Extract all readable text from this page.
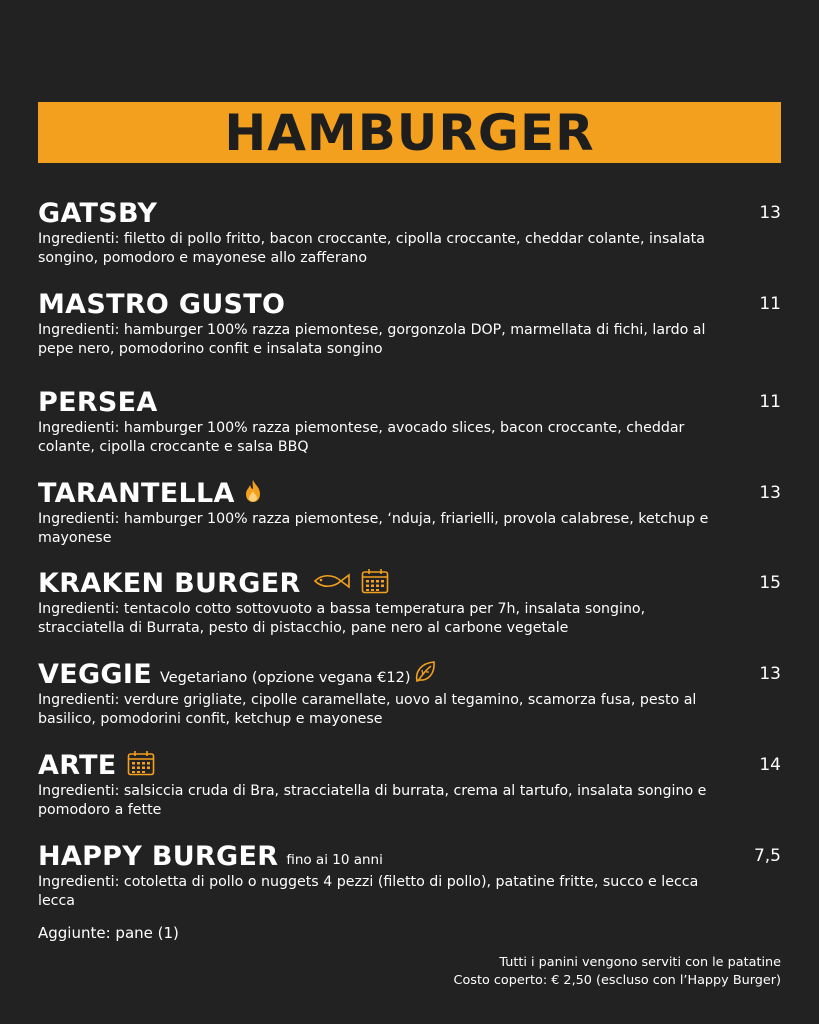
HAMBURGER
GATSBY	13
Ingredienti: filetto di pollo fritto, bacon croccante, cipolla croccante, cheddar colante, insalata songino, pomodoro e mayonese allo zafferano
MASTRO GUSTO	11
Ingredienti: hamburger 100% razza piemontese, gorgonzola DOP, marmellata di fichi, lardo al pepe nero, pomodorino confit e insalata songino
PERSEA	11
Ingredienti: hamburger 100% razza piemontese, avocado slices, bacon croccante, cheddar colante, cipolla croccante e salsa BBQ
TARANTELLA	13
Ingredienti: hamburger 100% razza piemontese, ‘nduja, friarielli, provola calabrese, ketchup e mayonese
KRAKEN BURGER	15
Ingredienti: tentacolo cotto sottovuoto a bassa temperatura per 7h, insalata songino, stracciatella di Burrata, pesto di pistacchio, pane nero al carbone vegetale
VEGGIE Vegetariano (opzione vegana €12)	13
Ingredienti: verdure grigliate, cipolle caramellate, uovo al tegamino, scamorza fusa, pesto al basilico, pomodorini confit, ketchup e mayonese
ARTE	14
Ingredienti: salsiccia cruda di Bra, stracciatella di burrata, crema al tartufo, insalata songino e pomodoro a fette
HAPPY BURGER fino ai 10 anni	7,5
Ingredienti: cotoletta di pollo o nuggets 4 pezzi (filetto di pollo), patatine fritte, succo e lecca lecca
Aggiunte: pane (1)
Tutti i panini vengono serviti con le patatine
Costo coperto: € 2,50 (escluso con l’Happy Burger)
